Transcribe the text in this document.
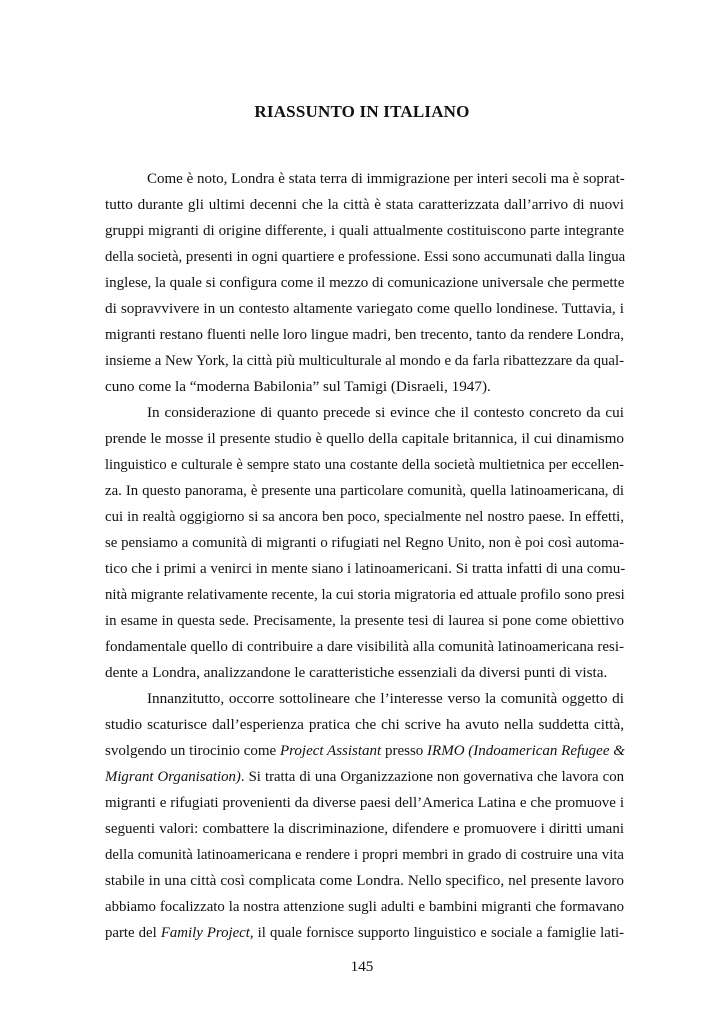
RIASSUNTO IN ITALIANO
Come è noto, Londra è stata terra di immigrazione per interi secoli ma è soprat-
tutto durante gli ultimi decenni che la città è stata caratterizzata dall’arrivo di nuovi
gruppi migranti di origine differente, i quali attualmente costituiscono parte integrante
della società, presenti in ogni quartiere e professione. Essi sono accumunati dalla lingua
inglese, la quale si configura come il mezzo di comunicazione universale che permette
di sopravvivere in un contesto altamente variegato come quello londinese. Tuttavia, i
migranti restano fluenti nelle loro lingue madri, ben trecento, tanto da rendere Londra,
insieme a New York, la città più multiculturale al mondo e da farla ribattezzare da qual-
cuno come la “moderna Babilonia” sul Tamigi (Disraeli, 1947).
In considerazione di quanto precede si evince che il contesto concreto da cui
prende le mosse il presente studio è quello della capitale britannica, il cui dinamismo
linguistico e culturale è sempre stato una costante della società multietnica per eccellen-
za. In questo panorama, è presente una particolare comunità, quella latinoamericana, di
cui in realtà oggigiorno si sa ancora ben poco, specialmente nel nostro paese. In effetti,
se pensiamo a comunità di migranti o rifugiati nel Regno Unito, non è poi così automa-
tico che i primi a venirci in mente siano i latinoamericani. Si tratta infatti di una comu-
nità migrante relativamente recente, la cui storia migratoria ed attuale profilo sono presi
in esame in questa sede. Precisamente, la presente tesi di laurea si pone come obiettivo
fondamentale quello di contribuire a dare visibilità alla comunità latinoamericana resi-
dente a Londra, analizzandone le caratteristiche essenziali da diversi punti di vista.
Innanzitutto, occorre sottolineare che l’interesse verso la comunità oggetto di
studio scaturisce dall’esperienza pratica che chi scrive ha avuto nella suddetta città,
svolgendo un tirocinio come Project Assistant presso IRMO (Indoamerican Refugee &
Migrant Organisation). Si tratta di una Organizzazione non governativa che lavora con
migranti e rifugiati provenienti da diverse paesi dell’America Latina e che promuove i
seguenti valori: combattere la discriminazione, difendere e promuovere i diritti umani
della comunità latinoamericana e rendere i propri membri in grado di costruire una vita
stabile in una città così complicata come Londra. Nello specifico, nel presente lavoro
abbiamo focalizzato la nostra attenzione sugli adulti e bambini migranti che formavano
parte del Family Project, il quale fornisce supporto linguistico e sociale a famiglie lati-
145
